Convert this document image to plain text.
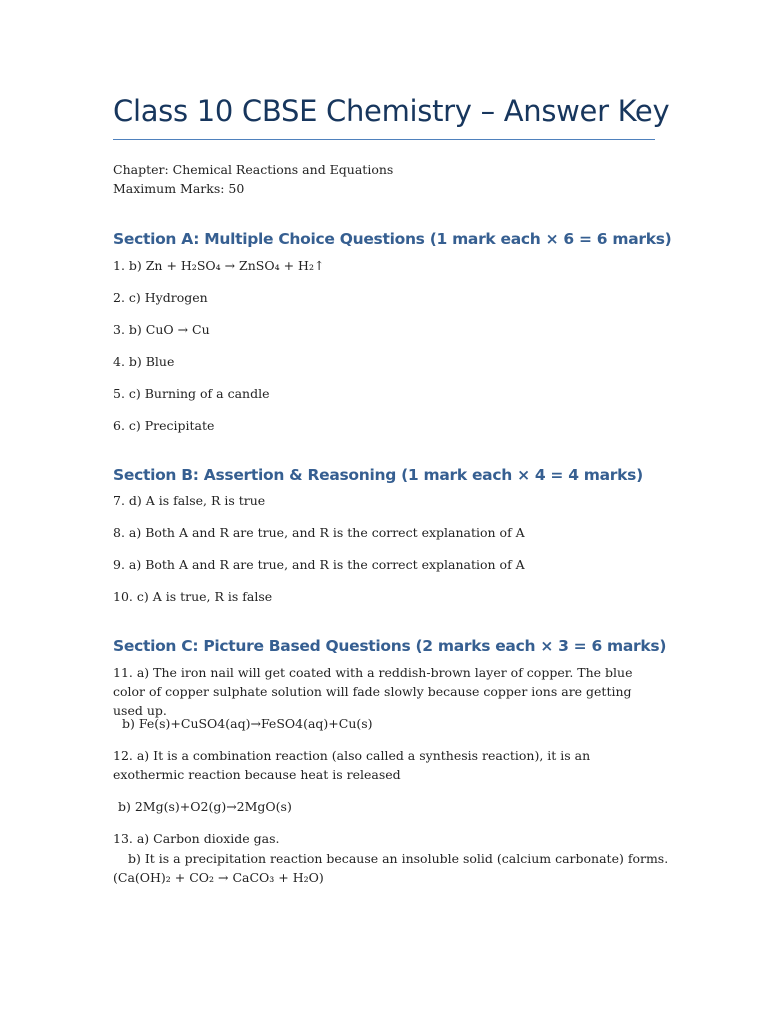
Class 10 CBSE Chemistry – Answer Key
Chapter: Chemical Reactions and Equations
Maximum Marks: 50
Section A: Multiple Choice Questions (1 mark each × 6 = 6 marks)
1. b) Zn + H₂SO₄ → ZnSO₄ + H₂↑
2. c) Hydrogen
3. b) CuO → Cu
4. b) Blue
5. c) Burning of a candle
6. c) Precipitate
Section B: Assertion & Reasoning (1 mark each × 4 = 4 marks)
7. d) A is false, R is true
8. a) Both A and R are true, and R is the correct explanation of A
9. a) Both A and R are true, and R is the correct explanation of A
10. c) A is true, R is false
Section C: Picture Based Questions (2 marks each × 3 = 6 marks)
11. a) The iron nail will get coated with a reddish-brown layer of copper. The blue color of copper sulphate solution will fade slowly because copper ions are getting used up.
b) Fe(s)+CuSO4(aq)→FeSO4(aq)+Cu(s)
12. a) It is a combination reaction (also called a synthesis reaction), it is an exothermic reaction because heat is released
b) 2Mg(s)+O2(g)→2MgO(s)
13. a) Carbon dioxide gas.
b) It is a precipitation reaction because an insoluble solid (calcium carbonate) forms.
(Ca(OH)₂ + CO₂ → CaCO₃ + H₂O)
